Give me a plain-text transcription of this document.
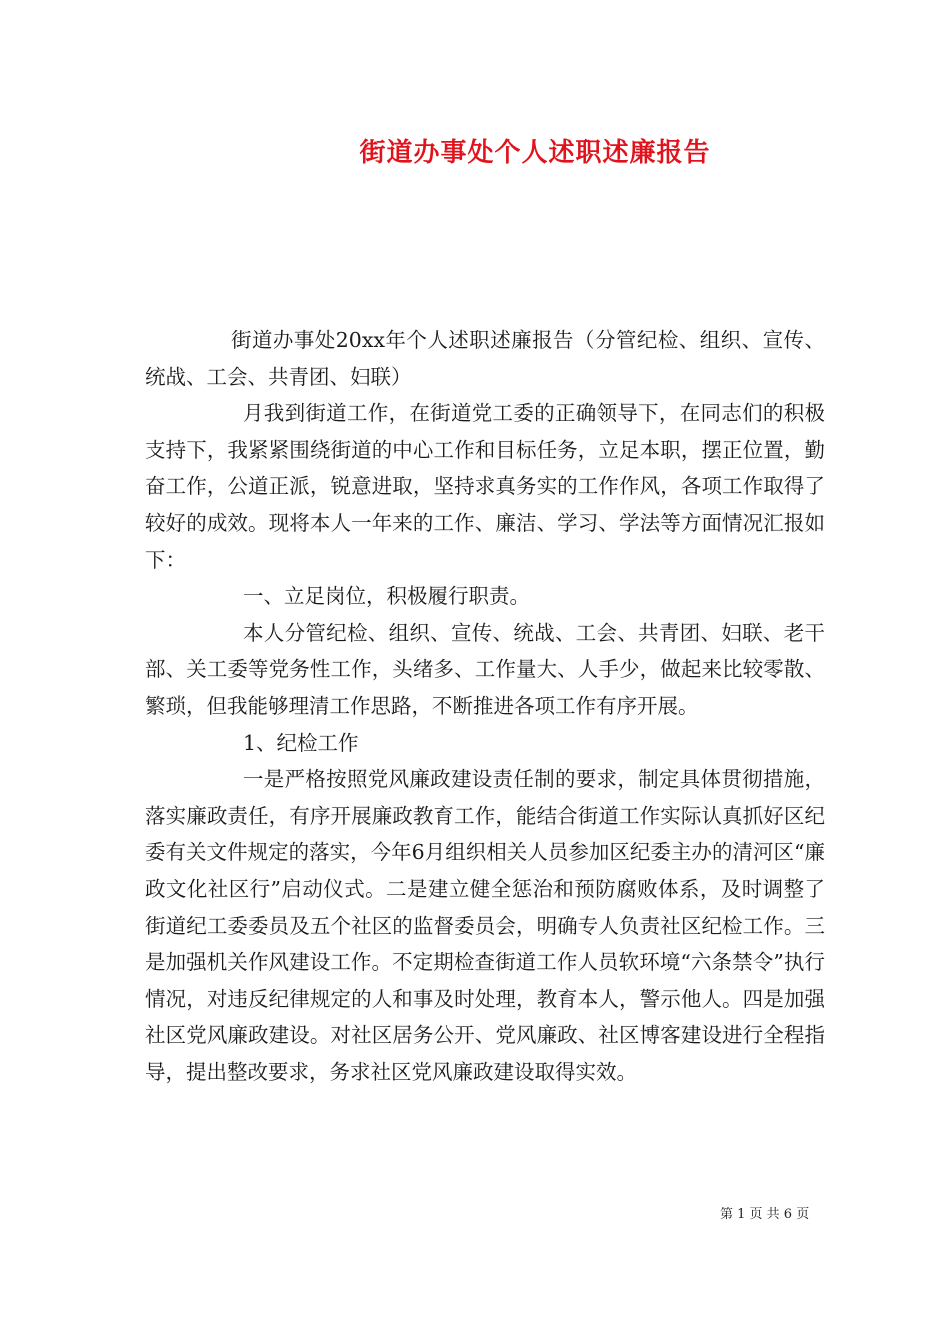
街道办事处个人述职述廉报告

街道办事处20xx年个人述职述廉报告（分管纪检、组织、宣传、统战、工会、共青团、妇联）

月我到街道工作，在街道党工委的正确领导下，在同志们的积极支持下，我紧紧围绕街道的中心工作和目标任务，立足本职，摆正位置，勤奋工作，公道正派，锐意进取，坚持求真务实的工作作风，各项工作取得了较好的成效。现将本人一年来的工作、廉洁、学习、学法等方面情况汇报如下：

一、立足岗位，积极履行职责。

本人分管纪检、组织、宣传、统战、工会、共青团、妇联、老干部、关工委等党务性工作，头绪多、工作量大、人手少，做起来比较零散、繁琐，但我能够理清工作思路，不断推进各项工作有序开展。

1、纪检工作

一是严格按照党风廉政建设责任制的要求，制定具体贯彻措施，落实廉政责任，有序开展廉政教育工作，能结合街道工作实际认真抓好区纪委有关文件规定的落实，今年6月组织相关人员参加区纪委主办的清河区“廉政文化社区行”启动仪式。二是建立健全惩治和预防腐败体系，及时调整了街道纪工委委员及五个社区的监督委员会，明确专人负责社区纪检工作。三是加强机关作风建设工作。不定期检查街道工作人员软环境“六条禁令”执行情况，对违反纪律规定的人和事及时处理，教育本人，警示他人。四是加强社区党风廉政建设。对社区居务公开、党风廉政、社区博客建设进行全程指导，提出整改要求，务求社区党风廉政建设取得实效。

第 1 页 共 6 页
